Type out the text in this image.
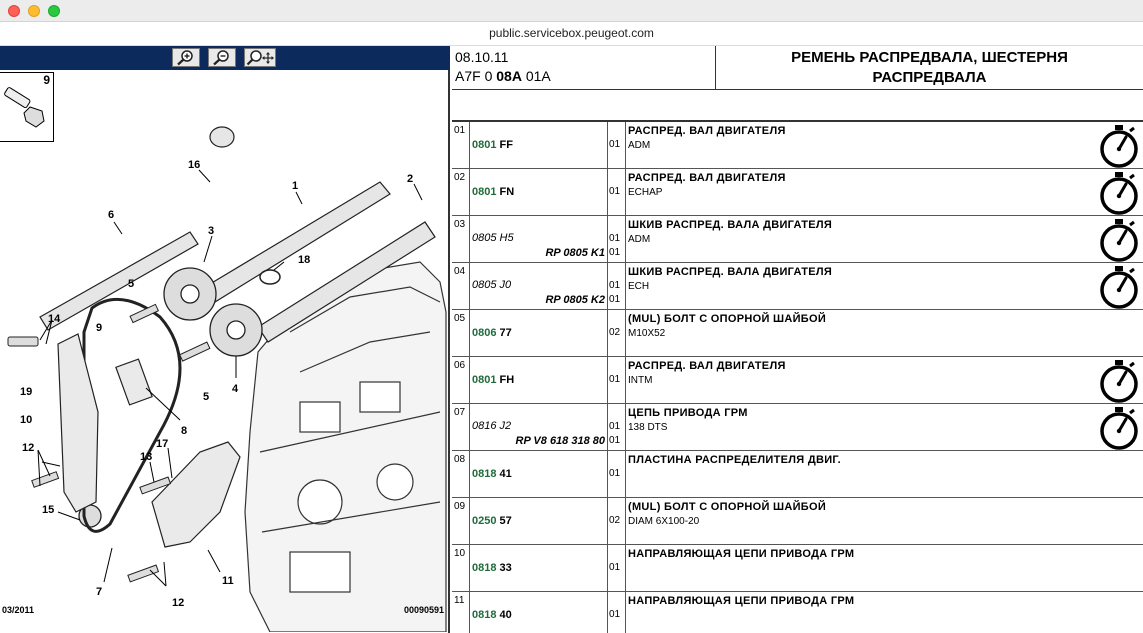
public.servicebox.peugeot.com
9
1
2
3
4
5
5
6
7
8
9
10
11
12
12
13
14
15
16
17
18
19
03/2011	00090591
08.10.11
A7F 0 08A 01A
РЕМЕНЬ РАСПРЕДВАЛА, ШЕСТЕРНЯ
РАСПРЕДВАЛА
01
0801 FF	01
РАСПРЕД. ВАЛ ДВИГАТЕЛЯ
ADM
02
0801 FN	01
РАСПРЕД. ВАЛ ДВИГАТЕЛЯ
ECHAP
03
0805 H5
RP 0805 K1
01
01
ШКИВ РАСПРЕД. ВАЛА ДВИГАТЕЛЯ
ADM
04
0805 J0
RP 0805 K2
01
01
ШКИВ РАСПРЕД. ВАЛА ДВИГАТЕЛЯ
ECH
05
0806 77	02
(MUL) БОЛТ С ОПОРНОЙ ШАЙБОЙ
M10X52
06
0801 FH	01
РАСПРЕД. ВАЛ ДВИГАТЕЛЯ
INTM
07
0816 J2
RP V8 618 318 80
01
01
ЦЕПЬ ПРИВОДА ГРМ
138 DTS
08
0818 41	01
ПЛАСТИНА РАСПРЕДЕЛИТЕЛЯ ДВИГ.
09
0250 57	02
(MUL) БОЛТ С ОПОРНОЙ ШАЙБОЙ
DIAM 6X100-20
10
0818 33	01
НАПРАВЛЯЮЩАЯ ЦЕПИ ПРИВОДА ГРМ
11
0818 40	01
НАПРАВЛЯЮЩАЯ ЦЕПИ ПРИВОДА ГРМ
